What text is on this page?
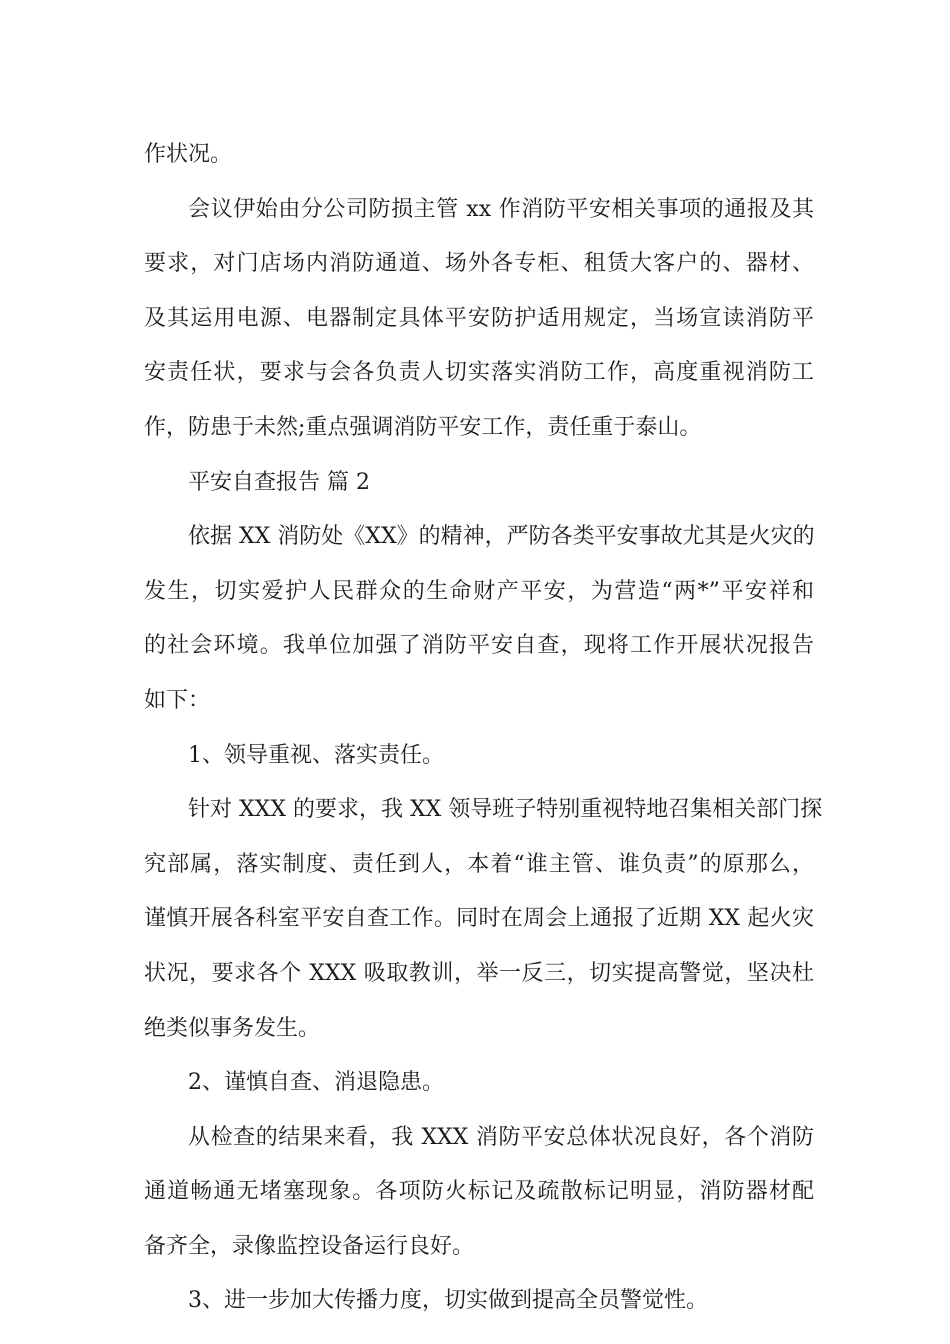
作状况。
会议伊始由分公司防损主管 xx 作消防平安相关事项的通报及其
要求，对门店场内消防通道、场外各专柜、租赁大客户的、器材、
及其运用电源、电器制定具体平安防护适用规定，当场宣读消防平
安责任状，要求与会各负责人切实落实消防工作，高度重视消防工
作，防患于未然;重点强调消防平安工作，责任重于泰山。
平安自查报告 篇 2
依据 XX 消防处《XX》的精神，严防各类平安事故尤其是火灾的
发生，切实爱护人民群众的生命财产平安，为营造“两*”平安祥和
的社会环境。我单位加强了消防平安自查，现将工作开展状况报告
如下：
1、领导重视、落实责任。
针对 XXX 的要求，我 XX 领导班子特别重视特地召集相关部门探
究部属，落实制度、责任到人，本着“谁主管、谁负责”的原那么，
谨慎开展各科室平安自查工作。同时在周会上通报了近期 XX 起火灾
状况，要求各个 XXX 吸取教训，举一反三，切实提高警觉，坚决杜
绝类似事务发生。
2、谨慎自查、消退隐患。
从检查的结果来看，我 XXX 消防平安总体状况良好，各个消防
通道畅通无堵塞现象。各项防火标记及疏散标记明显，消防器材配
备齐全，录像监控设备运行良好。
3、进一步加大传播力度，切实做到提高全员警觉性。
